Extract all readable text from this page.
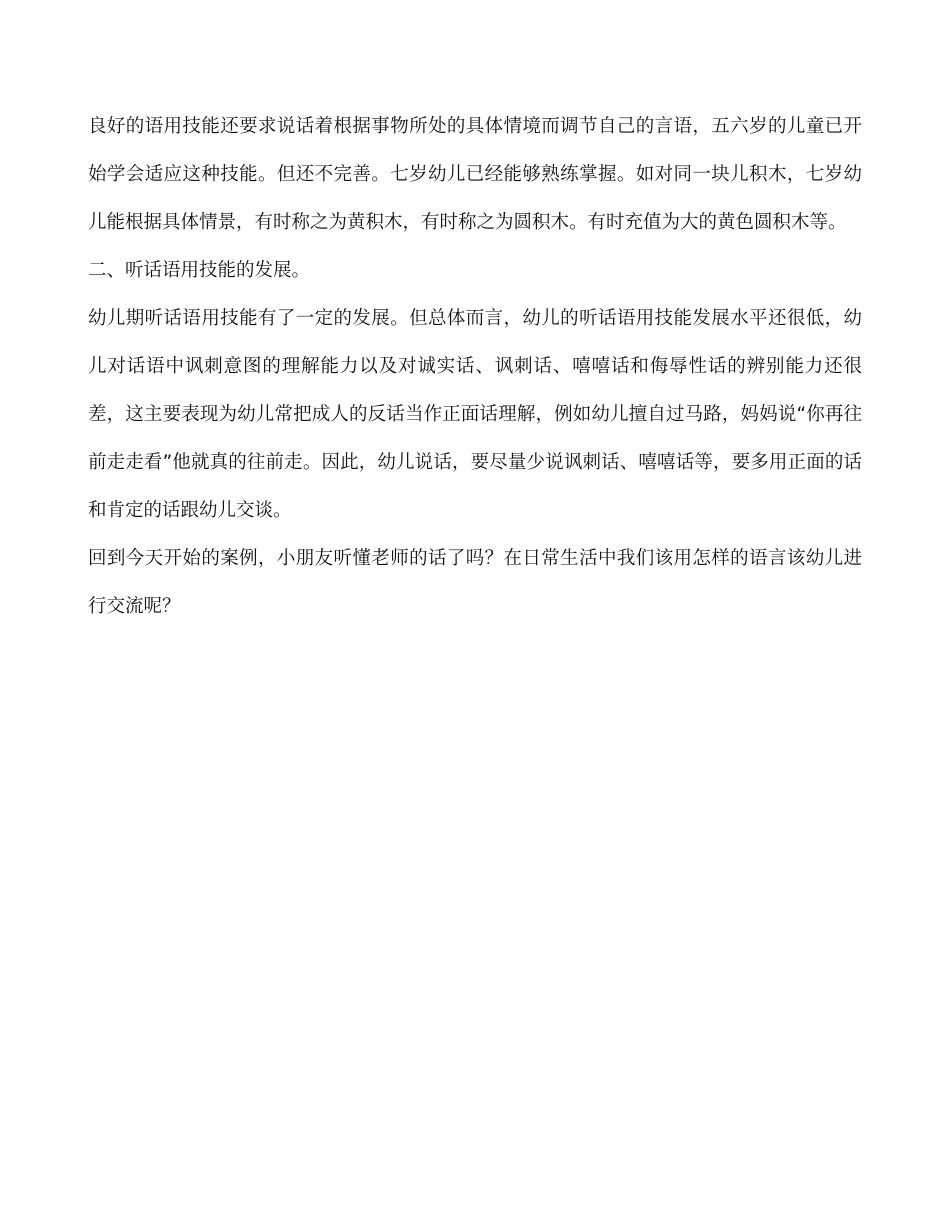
良好的语用技能还要求说话着根据事物所处的具体情境而调节自己的言语，五六岁的儿童已开始学会适应这种技能。但还不完善。七岁幼儿已经能够熟练掌握。如对同一块儿积木，七岁幼儿能根据具体情景，有时称之为黄积木，有时称之为圆积木。有时充值为大的黄色圆积木等。

二、听话语用技能的发展。

幼儿期听话语用技能有了一定的发展。但总体而言，幼儿的听话语用技能发展水平还很低，幼儿对话语中讽刺意图的理解能力以及对诚实话、讽刺话、嘻嘻话和侮辱性话的辨别能力还很差，这主要表现为幼儿常把成人的反话当作正面话理解，例如幼儿擅自过马路，妈妈说“你再往前走走看”他就真的往前走。因此，幼儿说话，要尽量少说讽刺话、嘻嘻话等，要多用正面的话和肯定的话跟幼儿交谈。

回到今天开始的案例，小朋友听懂老师的话了吗？在日常生活中我们该用怎样的语言该幼儿进行交流呢？
